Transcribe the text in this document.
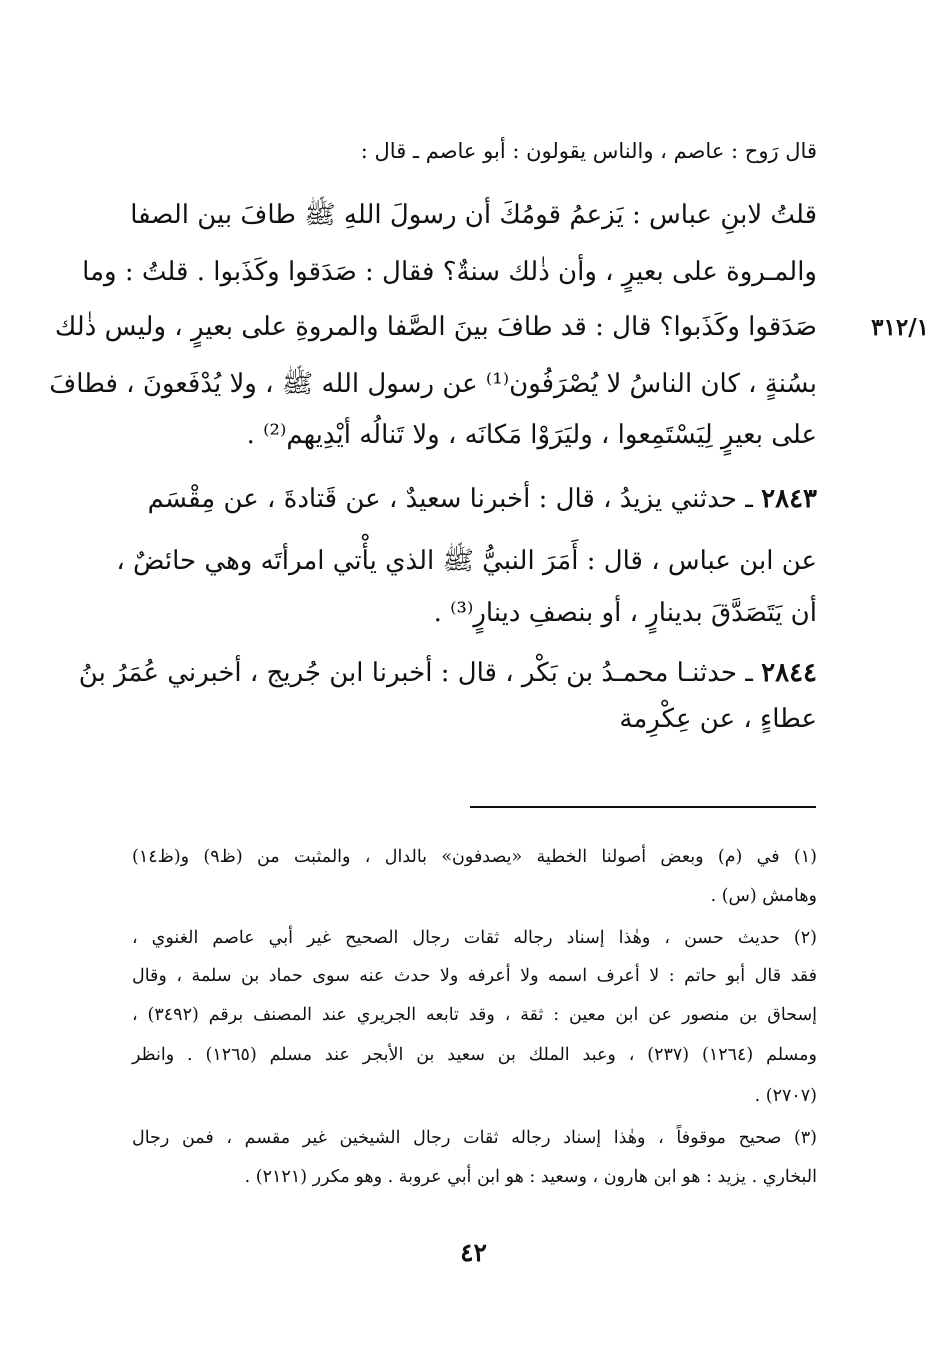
قال رَوح : عاصم ، والناس يقولون : أبو عاصم ـ قال :
قلتُ لابنِ عباس : يَزعمُ قومُكَ أن رسولَ اللهِ ﷺ طافَ بين الصفا
والمـروة على بعيرٍ ، وأن ذٰلك سنةٌ؟ فقال : صَدَقوا وكَذَبوا . قلتُ : وما
صَدَقوا وكَذَبوا؟ قال : قد طافَ بينَ الصَّفا والمروةِ على بعيرٍ ، وليس ذٰلك ٣١٢/١
بسُنةٍ ، كان الناسُ لا يُصْرَفُون⁽¹⁾ عن رسول الله ﷺ ، ولا يُدْفَعونَ ، فطافَ
على بعيرٍ لِيَسْتَمِعوا ، وليَرَوْا مَكانَه ، ولا تَنالُه أيْدِيهم⁽²⁾ .
٢٨٤٣ ـ حدثني يزيدُ ، قال : أخبرنا سعيدٌ ، عن قَتادةَ ، عن مِقْسَم
عن ابن عباس ، قال : أَمَرَ النبيُّ ﷺ الذي يأْتي امرأتَه وهي حائضٌ ،
أن يَتَصَدَّقَ بدينارٍ ، أو بنصفِ دينارٍ⁽³⁾ .
٢٨٤٤ ـ حدثنـا محمـدُ بن بَكْر ، قال : أخبرنا ابن جُريج ، أخبرني عُمَرُ بنُ
عطاءٍ ، عن عِكْرِمة
(١) في (م) وبعض أصولنا الخطية «يصدفون» بالدال ، والمثبت من (ظ٩) و(ظ١٤)
وهامش (س) .
(٢) حديث حسن ، وهٰذا إسناد رجاله ثقات رجال الصحيح غير أبي عاصم الغنوي ،
فقد قال أبو حاتم : لا أعرف اسمه ولا أعرفه ولا حدث عنه سوى حماد بن سلمة ، وقال
إسحاق بن منصور عن ابن معين : ثقة ، وقد تابعه الجريري عند المصنف برقم (٣٤٩٢) ،
ومسلم (١٢٦٤) (٢٣٧) ، وعبد الملك بن سعيد بن الأبجر عند مسلم (١٢٦٥) . وانظر
(٢٧٠٧) .
(٣) صحيح موقوفاً ، وهٰذا إسناد رجاله ثقات رجال الشيخين غير مقسم ، فمن رجال
البخاري . يزيد : هو ابن هارون ، وسعيد : هو ابن أبي عروبة . وهو مكرر (٢١٢١) .
٤٢
